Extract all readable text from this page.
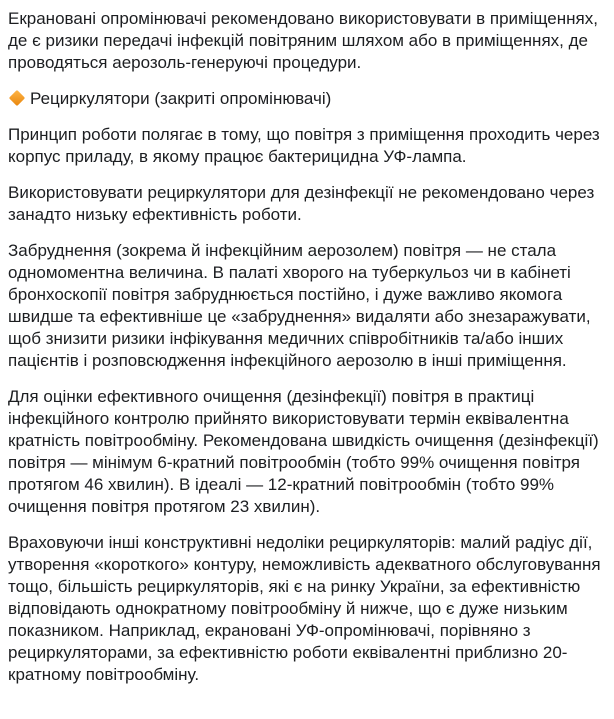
Екрановані опромінювачі рекомендовано використовувати в приміщеннях, де є ризики передачі інфекцій повітряним шляхом або в приміщеннях, де проводяться аерозоль-генеруючі процедури.

Рециркулятори (закриті опромінювачі)

Принцип роботи полягає в тому, що повітря з приміщення проходить через корпус приладу, в якому працює бактерицидна УФ-лампа.

Використовувати рециркулятори для дезінфекції не рекомендовано через занадто низьку ефективність роботи.

Забруднення (зокрема й інфекційним аерозолем) повітря — не стала одномоментна величина. В палаті хворого на туберкульоз чи в кабінеті бронхоскопії повітря забруднюється постійно, і дуже важливо якомога швидше та ефективніше це «забруднення» видаляти або знезаражувати, щоб знизити ризики інфікування медичних співробітників та/або інших пацієнтів і розповсюдження інфекційного аерозолю в інші приміщення.

Для оцінки ефективного очищення (дезінфекції) повітря в практиці інфекційного контролю прийнято використовувати термін еквівалентна кратність повітрообміну. Рекомендована швидкість очищення (дезінфекції) повітря — мінімум 6-кратний повітрообмін (тобто 99% очищення повітря протягом 46 хвилин). В ідеалі — 12-кратний повітрообмін (тобто 99% очищення повітря протягом 23 хвилин).

Враховуючи інші конструктивні недоліки рециркуляторів: малий радіус дії, утворення «короткого» контуру, неможливість адекватного обслуговування тощо, більшість рециркуляторів, які є на ринку України, за ефективністю відповідають однократному повітрообміну й нижче, що є дуже низьким показником. Наприклад, екрановані УФ-опромінювачі, порівняно з рециркуляторами, за ефективністю роботи еквівалентні приблизно 20-кратному повітрообміну.
